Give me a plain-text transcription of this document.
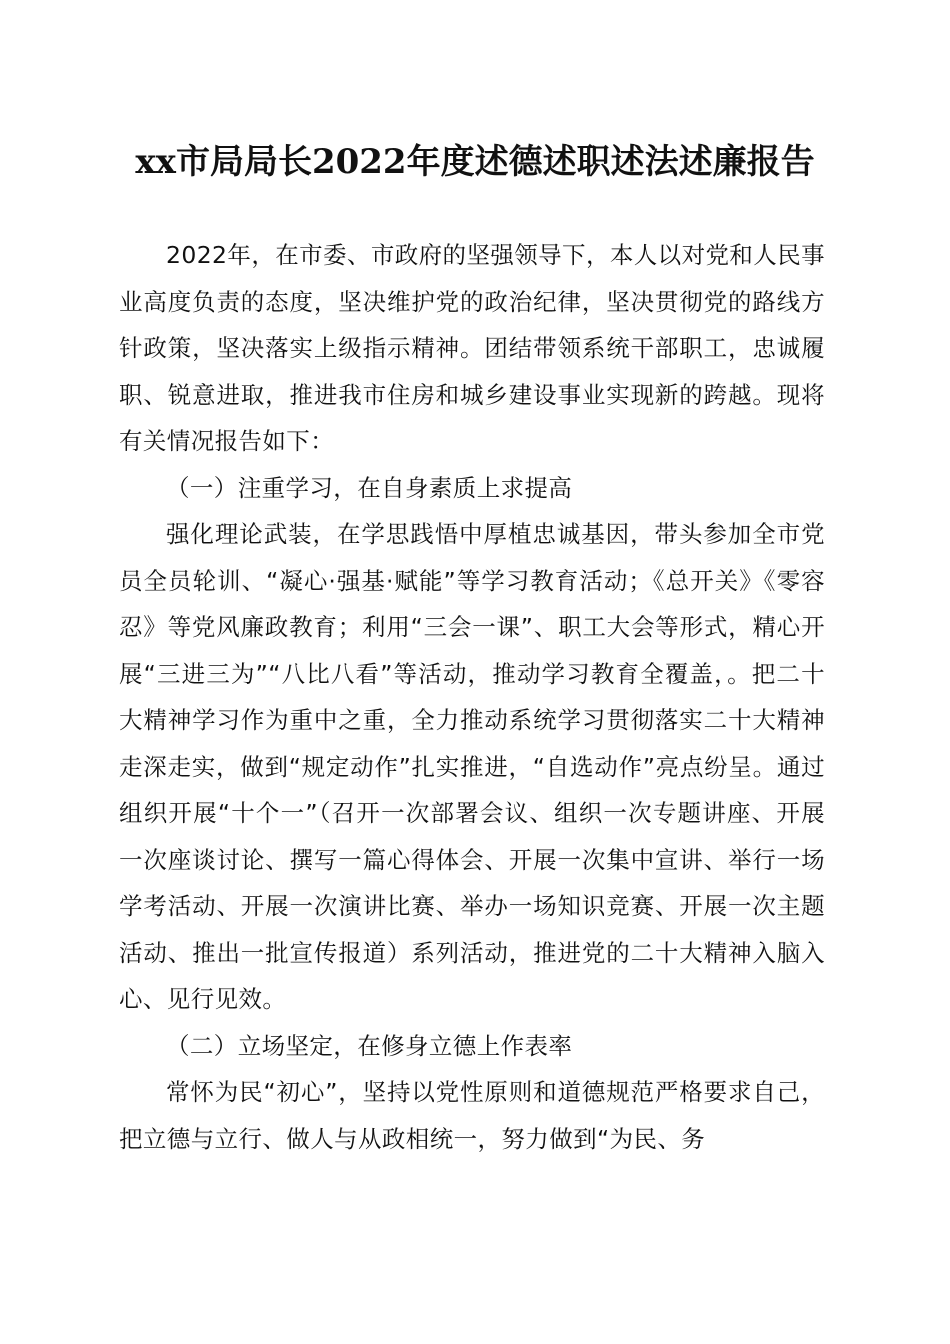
xx市局局长2022年度述德述职述法述廉报告

2022年，在市委、市政府的坚强领导下，本人以对党和人民事业高度负责的态度，坚决维护党的政治纪律，坚决贯彻党的路线方针政策，坚决落实上级指示精神。团结带领系统干部职工，忠诚履职、锐意进取，推进我市住房和城乡建设事业实现新的跨越。现将有关情况报告如下：

（一）注重学习，在自身素质上求提高

强化理论武装，在学思践悟中厚植忠诚基因，带头参加全市党员全员轮训、“凝心·强基·赋能”等学习教育活动；《总开关》《零容忍》等党风廉政教育；利用“三会一课”、职工大会等形式，精心开展“三进三为”“八比八看”等活动，推动学习教育全覆盖，。把二十大精神学习作为重中之重，全力推动系统学习贯彻落实二十大精神走深走实，做到“规定动作”扎实推进，“自选动作”亮点纷呈。通过组织开展“十个一”（召开一次部署会议、组织一次专题讲座、开展一次座谈讨论、撰写一篇心得体会、开展一次集中宣讲、举行一场学考活动、开展一次演讲比赛、举办一场知识竞赛、开展一次主题活动、推出一批宣传报道）系列活动，推进党的二十大精神入脑入心、见行见效。

（二）立场坚定，在修身立德上作表率

常怀为民“初心”，坚持以党性原则和道德规范严格要求自己，把立德与立行、做人与从政相统一，努力做到“为民、务
